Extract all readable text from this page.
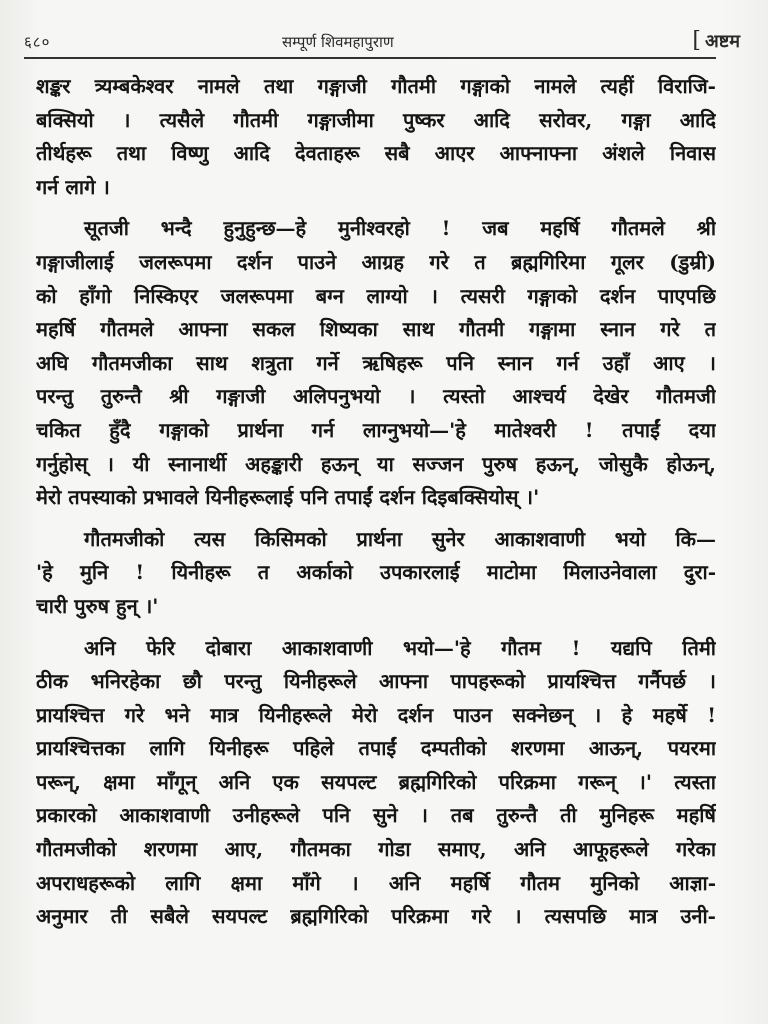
६८०	सम्पूर्ण शिवमहापुराण	[ अष्टम
शङ्कर त्र्यम्बकेश्वर नामले तथा गङ्गाजी गौतमी गङ्गाको नामले त्यहीं विराजि-
बक्सियो । त्यसैले गौतमी गङ्गाजीमा पुष्कर आदि सरोवर, गङ्गा आदि
तीर्थहरू तथा विष्णु आदि देवताहरू सबै आएर आफ्नाफ्ना अंशले निवास
गर्न लागे ।
सूतजी भन्दै हुनुहुन्छ—हे मुनीश्वरहो ! जब महर्षि गौतमले श्री
गङ्गाजीलाई जलरूपमा दर्शन पाउने आग्रह गरे त ब्रह्मगिरिमा गूलर (डुम्री)
को हाँगो निस्किएर जलरूपमा बग्न लाग्यो । त्यसरी गङ्गाको दर्शन पाएपछि
महर्षि गौतमले आफ्ना सकल शिष्यका साथ गौतमी गङ्गामा स्नान गरे त
अघि गौतमजीका साथ शत्रुता गर्ने ऋषिहरू पनि स्नान गर्न उहाँ आए ।
परन्तु तुरुन्तै श्री गङ्गाजी अलिपनुभयो । त्यस्तो आश्चर्य देखेर गौतमजी
चकित हुँदै गङ्गाको प्रार्थना गर्न लाग्नुभयो—'हे मातेश्वरी ! तपाईं दया
गर्नुहोस् । यी स्नानार्थी अहङ्कारी हऊन् या सज्जन पुरुष हऊन्, जोसुकै होऊन्,
मेरो तपस्याको प्रभावले यिनीहरूलाई पनि तपाईं दर्शन दिइबक्सियोस् ।'
गौतमजीको त्यस किसिमको प्रार्थना सुनेर आकाशवाणी भयो कि—
'हे मुनि ! यिनीहरू त अर्काको उपकारलाई माटोमा मिलाउनेवाला दुरा-
चारी पुरुष हुन् ।'
अनि फेरि दोबारा आकाशवाणी भयो—'हे गौतम ! यद्यपि तिमी
ठीक भनिरहेका छौ परन्तु यिनीहरूले आफ्ना पापहरूको प्रायश्चित्त गर्नैपर्छ ।
प्रायश्चित्त गरे भने मात्र यिनीहरूले मेरो दर्शन पाउन सक्नेछन् । हे महर्षे !
प्रायश्चित्तका लागि यिनीहरू पहिले तपाईं दम्पतीको शरणमा आऊन्, पयरमा
परून्, क्षमा माँगून् अनि एक सयपल्ट ब्रह्मगिरिको परिक्रमा गरून् ।' त्यस्ता
प्रकारको आकाशवाणी उनीहरूले पनि सुने । तब तुरुन्तै ती मुनिहरू महर्षि
गौतमजीको शरणमा आए, गौतमका गोडा समाए, अनि आफूहरूले गरेका
अपराधहरूको लागि क्षमा माँगे । अनि महर्षि गौतम मुनिको आज्ञा-
अनुमार ती सबैले सयपल्ट ब्रह्मगिरिको परिक्रमा गरे । त्यसपछि मात्र उनी-
